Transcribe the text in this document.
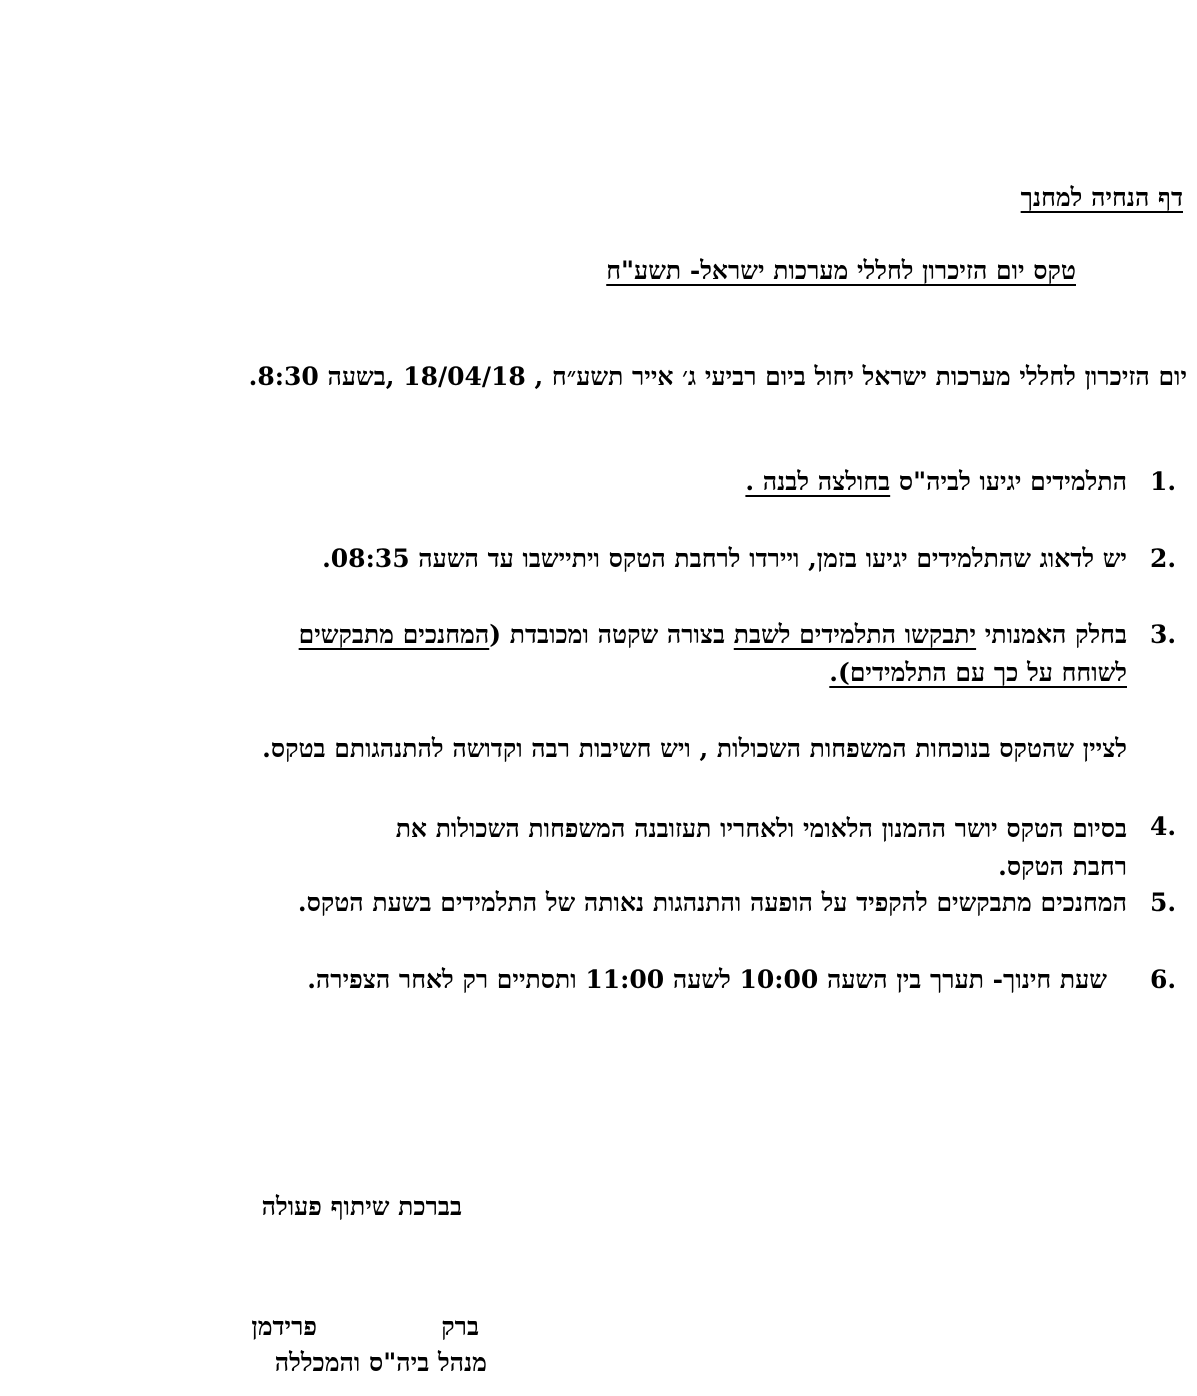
דף הנחיה למחנך
טקס יום הזיכרון לחללי מערכות ישראל- תשע"ח
יום הזיכרון לחללי מערכות ישראל יחול ביום רביעי ג׳ אייר תשע״ח , 18/04/18 ,בשעה 8:30.
1.
התלמידים יגיעו לביה"ס בחולצה לבנה .
2.
יש לדאוג שהתלמידים יגיעו בזמן, ויירדו לרחבת הטקס ויתיישבו עד השעה 08:35.
3.
בחלק האמנותי יתבקשו התלמידים לשבת בצורה שקטה ומכובדת (המחנכים מתבקשים לשוחח על כך עם התלמידים).
לציין שהטקס בנוכחות המשפחות השכולות , ויש חשיבות רבה וקדושה להתנהגותם בטקס.
4.
בסיום הטקס יושר ההמנון הלאומי ולאחריו תעזובנה המשפחות השכולות את
רחבת הטקס.
5.
המחנכים מתבקשים להקפיד על הופעה והתנהגות נאותה של התלמידים בשעת הטקס.
6.
שעת חינוך- תערך בין השעה 10:00 לשעה 11:00 ותסתיים רק לאחר הצפירה.
בברכת שיתוף פעולה
ברק
פרידמן
מנהל ביה"ס והמכללה
